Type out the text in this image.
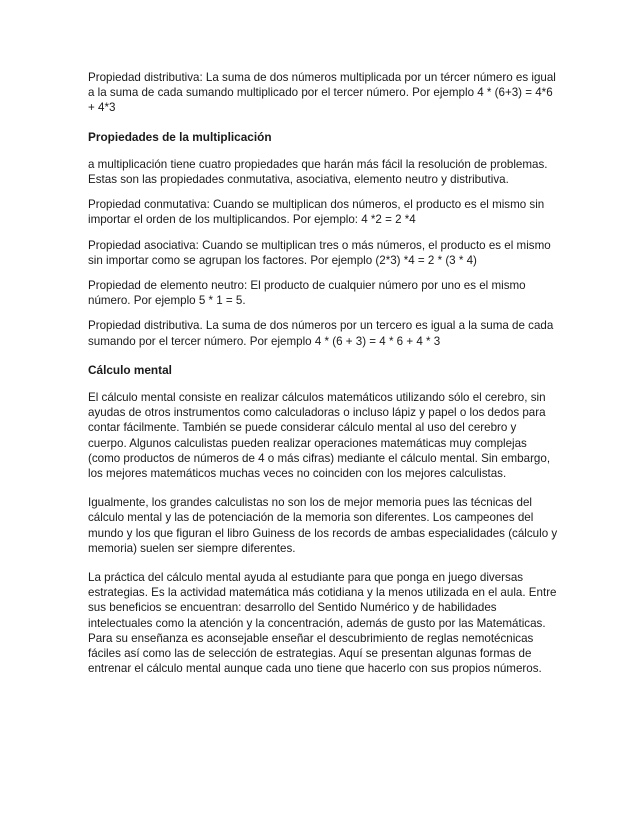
Propiedad distributiva: La suma de dos números multiplicada por un tércer número es igual a la suma de cada sumando multiplicado por el tercer número. Por ejemplo 4 * (6+3) = 4*6 + 4*3

Propiedades de la multiplicación

a multiplicación tiene cuatro propiedades que harán más fácil la resolución de problemas. Estas son las propiedades conmutativa, asociativa, elemento neutro y distributiva.

Propiedad conmutativa: Cuando se multiplican dos números, el producto es el mismo sin importar el orden de los multiplicandos. Por ejemplo: 4 *2 = 2 *4

Propiedad asociativa: Cuando se multiplican tres o más números, el producto es el mismo sin importar como se agrupan los factores. Por ejemplo (2*3) *4 = 2 * (3 * 4)

Propiedad de elemento neutro: El producto de cualquier número por uno es el mismo número. Por ejemplo 5 * 1 = 5.

Propiedad distributiva. La suma de dos números por un tercero es igual a la suma de cada sumando por el tercer número. Por ejemplo 4 * (6 + 3) = 4 * 6 + 4 * 3

Cálculo mental

El cálculo mental consiste en realizar cálculos matemáticos utilizando sólo el cerebro, sin ayudas de otros instrumentos como calculadoras o incluso lápiz y papel o los dedos para contar fácilmente. También se puede considerar cálculo mental al uso del cerebro y cuerpo. Algunos calculistas pueden realizar operaciones matemáticas muy complejas (como productos de números de 4 o más cifras) mediante el cálculo mental. Sin embargo, los mejores matemáticos muchas veces no coinciden con los mejores calculistas.

Igualmente, los grandes calculistas no son los de mejor memoria pues las técnicas del cálculo mental y las de potenciación de la memoria son diferentes. Los campeones del mundo y los que figuran el libro Guiness de los records de ambas especialidades (cálculo y memoria) suelen ser siempre diferentes.

La práctica del cálculo mental ayuda al estudiante para que ponga en juego diversas estrategias. Es la actividad matemática más cotidiana y la menos utilizada en el aula. Entre sus beneficios se encuentran: desarrollo del Sentido Numérico y de habilidades intelectuales como la atención y la concentración, además de gusto por las Matemáticas. Para su enseñanza es aconsejable enseñar el descubrimiento de reglas nemotécnicas fáciles así como las de selección de estrategias. Aquí se presentan algunas formas de entrenar el cálculo mental aunque cada uno tiene que hacerlo con sus propios números.
